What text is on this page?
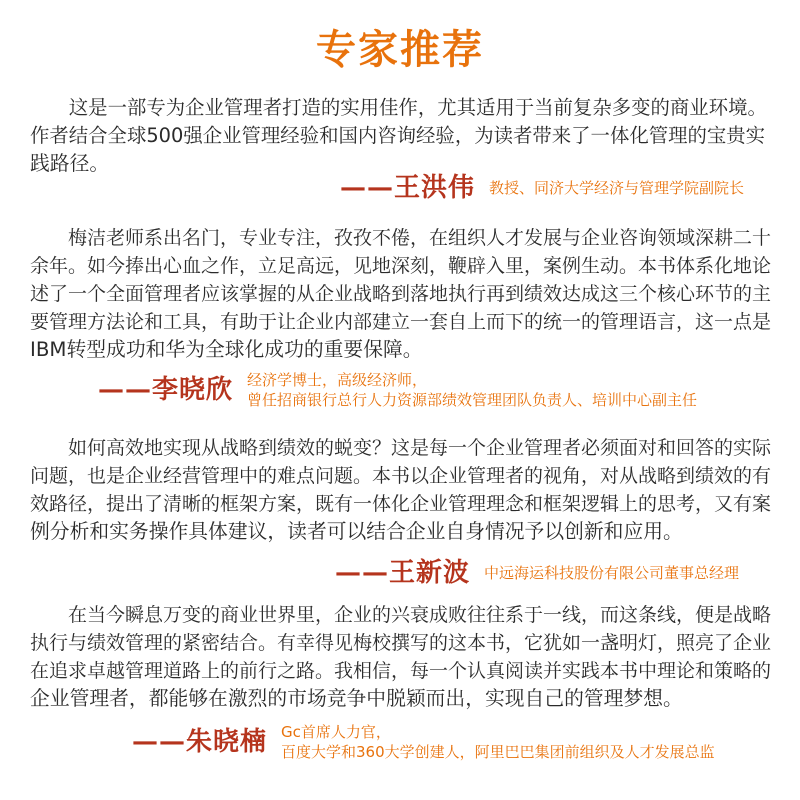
专家推荐

这是一部专为企业管理者打造的实用佳作，尤其适用于当前复杂多变的商业环境。
作者结合全球500强企业管理经验和国内咨询经验，为读者带来了一体化管理的宝贵实
践路径。

—— 王洪伟 教授、同济大学经济与管理学院副院长

梅洁老师系出名门，专业专注，孜孜不倦，在组织人才发展与企业咨询领域深耕二十
余年。如今捧出心血之作，立足高远，见地深刻，鞭辟入里，案例生动。本书体系化地论
述了一个全面管理者应该掌握的从企业战略到落地执行再到绩效达成这三个核心环节的主
要管理方法论和工具，有助于让企业内部建立一套自上而下的统一的管理语言，这一点是
IBM转型成功和华为全球化成功的重要保障。

—— 李晓欣 经济学博士，高级经济师，
曾任招商银行总行人力资源部绩效管理团队负责人、培训中心副主任

如何高效地实现从战略到绩效的蜕变？这是每一个企业管理者必须面对和回答的实际
问题，也是企业经营管理中的难点问题。本书以企业管理者的视角，对从战略到绩效的有
效路径，提出了清晰的框架方案，既有一体化企业管理理念和框架逻辑上的思考，又有案
例分析和实务操作具体建议，读者可以结合企业自身情况予以创新和应用。

—— 王新波 中远海运科技股份有限公司董事总经理

在当今瞬息万变的商业世界里，企业的兴衰成败往往系于一线，而这条线，便是战略
执行与绩效管理的紧密结合。有幸得见梅校撰写的这本书，它犹如一盏明灯，照亮了企业
在追求卓越管理道路上的前行之路。我相信，每一个认真阅读并实践本书中理论和策略的
企业管理者，都能够在激烈的市场竞争中脱颖而出，实现自己的管理梦想。

—— 朱晓楠 Gc首席人力官，
百度大学和360大学创建人，阿里巴巴集团前组织及人才发展总监
